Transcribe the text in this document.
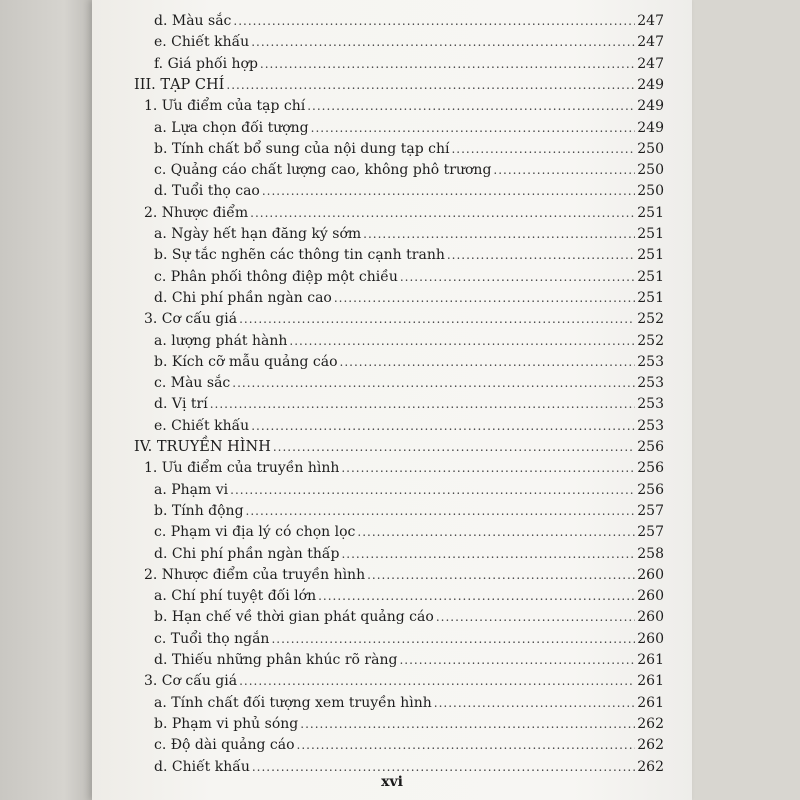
d. Màu sắc .....	247
e. Chiết khấu .....	247
f. Giá phối hợp .....	247
III. TẠP CHÍ .....	249
1. Ưu điểm của tạp chí .....	249
a. Lựa chọn đối tượng .....	249
b. Tính chất bổ sung của nội dung tạp chí .....	250
c. Quảng cáo chất lượng cao, không phô trương .....	250
d. Tuổi thọ cao .....	250
2. Nhược điểm .....	251
a. Ngày hết hạn đăng ký sớm .....	251
b. Sự tắc nghẽn các thông tin cạnh tranh .....	251
c. Phân phối thông điệp một chiều .....	251
d. Chi phí phần ngàn cao .....	251
3. Cơ cấu giá .....	252
a. lượng phát hành .....	252
b. Kích cỡ mẫu quảng cáo .....	253
c. Màu sắc .....	253
d. Vị trí .....	253
e. Chiết khấu .....	253
IV. TRUYỀN HÌNH .....	256
1. Ưu điểm của truyền hình .....	256
a. Phạm vi .....	256
b. Tính động .....	257
c. Phạm vi địa lý có chọn lọc .....	257
d. Chi phí phần ngàn thấp .....	258
2. Nhược điểm của truyền hình .....	260
a. Chí phí tuyệt đối lớn .....	260
b. Hạn chế về thời gian phát quảng cáo .....	260
c. Tuổi thọ ngắn .....	260
d. Thiếu những phân khúc rõ ràng .....	261
3. Cơ cấu giá .....	261
a. Tính chất đối tượng xem truyền hình .....	261
b. Phạm vi phủ sóng .....	262
c. Độ dài quảng cáo .....	262
d. Chiết khấu .....	262
xvi
